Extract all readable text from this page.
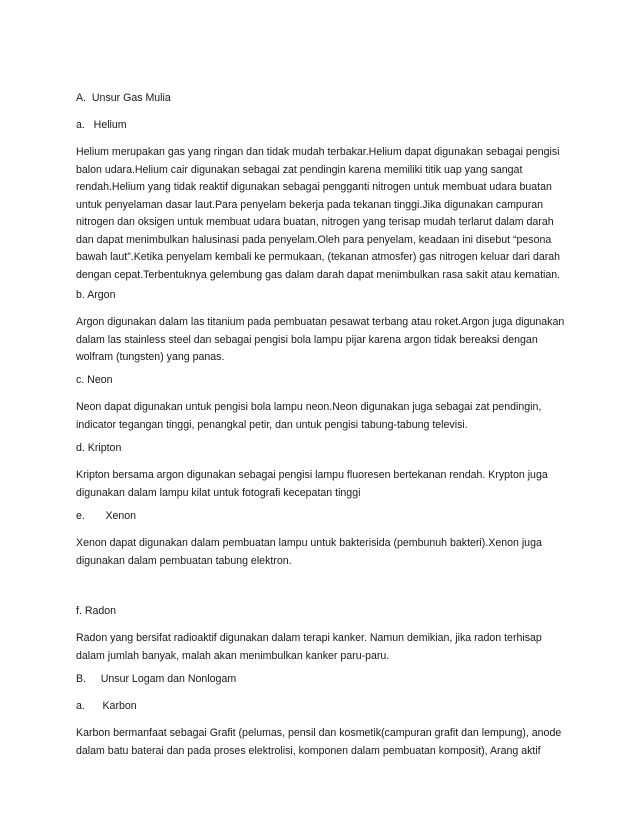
A.  Unsur Gas Mulia
a.   Helium
Helium merupakan gas yang ringan dan tidak mudah terbakar.Helium dapat digunakan sebagai pengisi
balon udara.Helium cair digunakan sebagai zat pendingin karena memiliki titik uap yang sangat
rendah.Helium yang tidak reaktif digunakan sebagai pengganti nitrogen untuk membuat udara buatan
untuk penyelaman dasar laut.Para penyelam bekerja pada tekanan tinggi.Jika digunakan campuran
nitrogen dan oksigen untuk membuat udara buatan, nitrogen yang terisap mudah terlarut dalam darah
dan dapat menimbulkan halusinasi pada penyelam.Oleh para penyelam, keadaan ini disebut “pesona
bawah laut”.Ketika penyelam kembali ke permukaan, (tekanan atmosfer) gas nitrogen keluar dari darah
dengan cepat.Terbentuknya gelembung gas dalam darah dapat menimbulkan rasa sakit atau kematian.
b. Argon
Argon digunakan dalam las titanium pada pembuatan pesawat terbang atau roket.Argon juga digunakan
dalam las stainless steel dan sebagai pengisi bola lampu pijar karena argon tidak bereaksi dengan
wolfram (tungsten) yang panas.
c. Neon
Neon dapat digunakan untuk pengisi bola lampu neon.Neon digunakan juga sebagai zat pendingin,
indicator tegangan tinggi, penangkal petir, dan untuk pengisi tabung-tabung televisi.
d. Kripton
Kripton bersama argon digunakan sebagai pengisi lampu fluoresen bertekanan rendah. Krypton juga
digunakan dalam lampu kilat untuk fotografi kecepatan tinggi
e.       Xenon
Xenon dapat digunakan dalam pembuatan lampu untuk bakterisida (pembunuh bakteri).Xenon juga
digunakan dalam pembuatan tabung elektron.
f. Radon
Radon yang bersifat radioaktif digunakan dalam terapi kanker. Namun demikian, jika radon terhisap
dalam jumlah banyak, malah akan menimbulkan kanker paru-paru.
B.     Unsur Logam dan Nonlogam
a.      Karbon
Karbon bermanfaat sebagai Grafit (pelumas, pensil dan kosmetik(campuran grafit dan lempung), anode
dalam batu baterai dan pada proses elektrolisi, komponen dalam pembuatan komposit), Arang aktif
